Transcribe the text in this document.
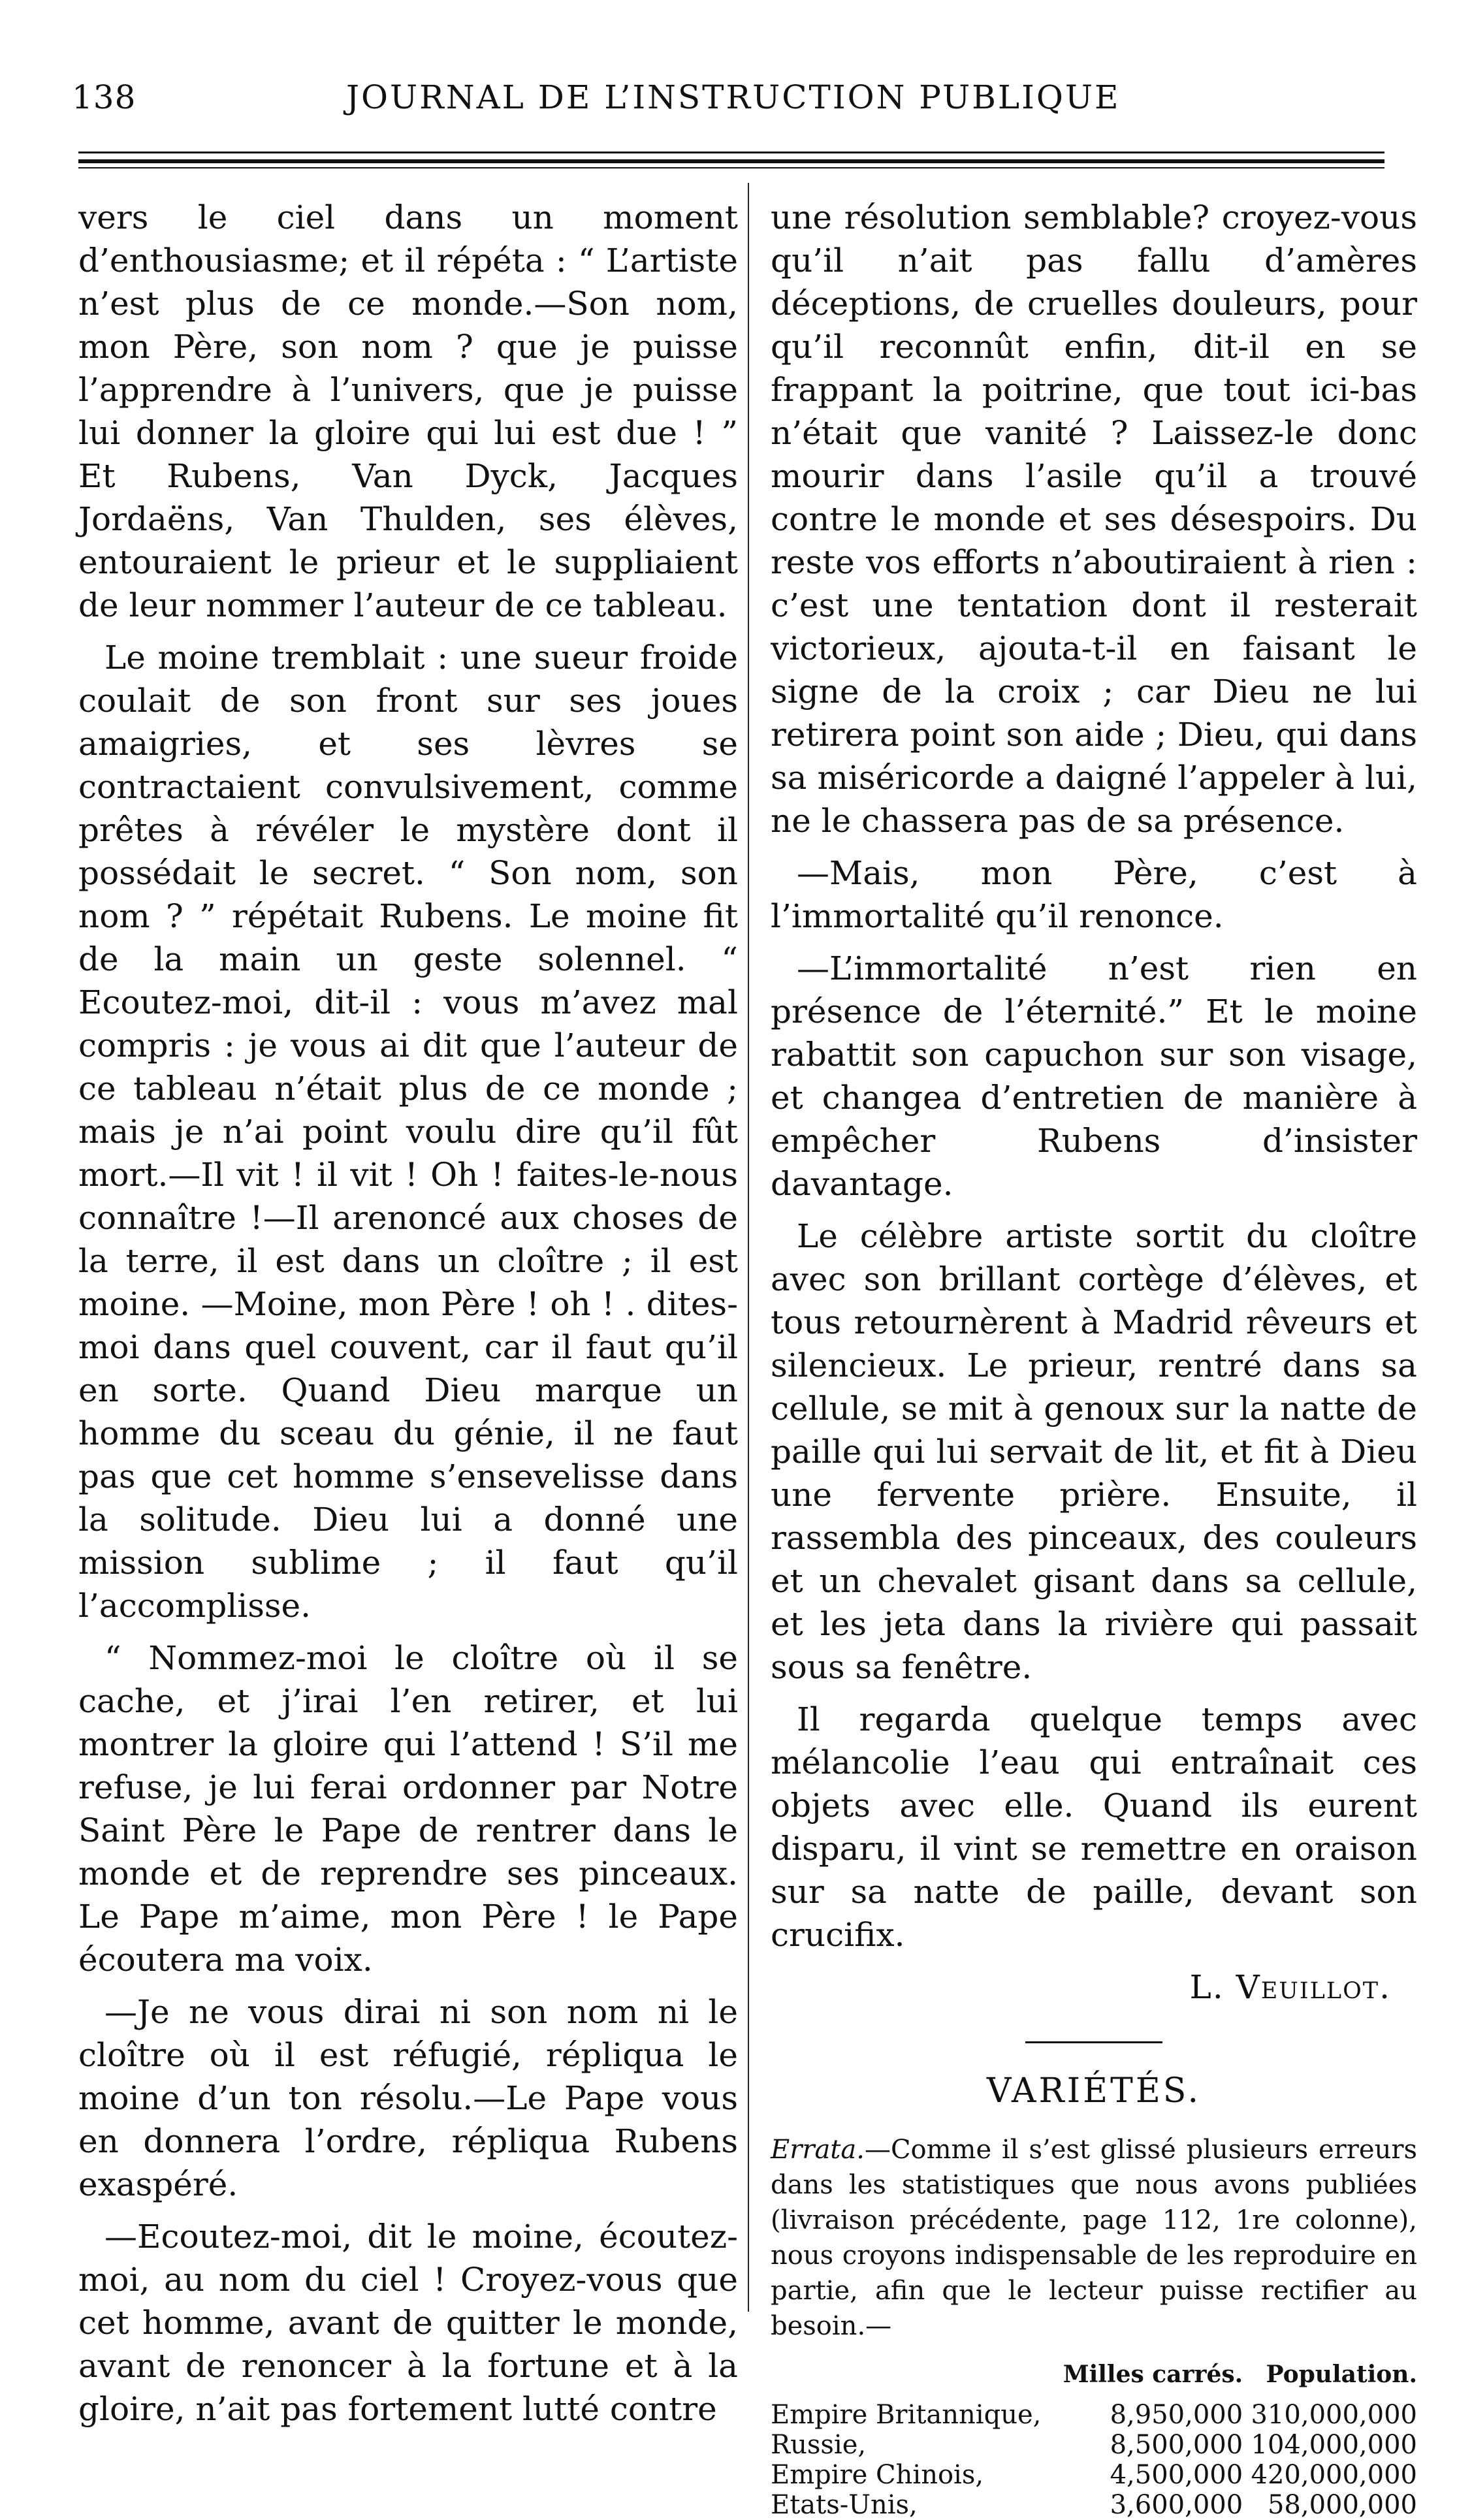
138	JOURNAL DE L’INSTRUCTION PUBLIQUE

vers le ciel dans un moment d’enthousiasme; et il répéta : “ L’artiste n’est plus de ce monde.—Son nom, mon Père, son nom ? que je puisse l’apprendre à l’univers, que je puisse lui donner la gloire qui lui est due ! ” Et Rubens, Van Dyck, Jacques Jordaëns, Van Thulden, ses élèves, entouraient le prieur et le suppliaient de leur nommer l’auteur de ce tableau.

Le moine tremblait : une sueur froide coulait de son front sur ses joues amaigries, et ses lèvres se contractaient convulsivement, comme prêtes à révéler le mystère dont il possédait le secret. “ Son nom, son nom ? ” répétait Rubens. Le moine fit de la main un geste solennel. “ Ecoutez-moi, dit-il : vous m’avez mal compris : je vous ai dit que l’auteur de ce tableau n’était plus de ce monde ; mais je n’ai point voulu dire qu’il fût mort.—Il vit ! il vit ! Oh ! faites-le-nous connaître !—Il arenoncé aux choses de la terre, il est dans un cloître ; il est moine. —Moine, mon Père ! oh ! . dites-moi dans quel couvent, car il faut qu’il en sorte. Quand Dieu marque un homme du sceau du génie, il ne faut pas que cet homme s’ensevelisse dans la solitude. Dieu lui a donné une mission sublime ; il faut qu’il l’accomplisse.

“ Nommez-moi le cloître où il se cache, et j’irai l’en retirer, et lui montrer la gloire qui l’attend ! S’il me refuse, je lui ferai ordonner par Notre Saint Père le Pape de rentrer dans le monde et de reprendre ses pinceaux. Le Pape m’aime, mon Père ! le Pape écoutera ma voix.

—Je ne vous dirai ni son nom ni le cloître où il est réfugié, répliqua le moine d’un ton résolu.—Le Pape vous en donnera l’ordre, répliqua Rubens exaspéré.

—Ecoutez-moi, dit le moine, écoutez-moi, au nom du ciel ! Croyez-vous que cet homme, avant de quitter le monde, avant de renoncer à la fortune et à la gloire, n’ait pas fortement lutté contre

une résolution semblable? croyez-vous qu’il n’ait pas fallu d’amères déceptions, de cruelles douleurs, pour qu’il reconnût enfin, dit-il en se frappant la poitrine, que tout ici-bas n’était que vanité ? Laissez-le donc mourir dans l’asile qu’il a trouvé contre le monde et ses désespoirs. Du reste vos efforts n’aboutiraient à rien : c’est une tentation dont il resterait victorieux, ajouta-t-il en faisant le signe de la croix ; car Dieu ne lui retirera point son aide ; Dieu, qui dans sa miséricorde a daigné l’appeler à lui, ne le chassera pas de sa présence.

—Mais, mon Père, c’est à l’immortalité qu’il renonce.

—L’immortalité n’est rien en présence de l’éternité.” Et le moine rabattit son capuchon sur son visage, et changea d’entretien de manière à empêcher Rubens d’insister davantage.

Le célèbre artiste sortit du cloître avec son brillant cortège d’élèves, et tous retournèrent à Madrid rêveurs et silencieux. Le prieur, rentré dans sa cellule, se mit à genoux sur la natte de paille qui lui servait de lit, et fit à Dieu une fervente prière. Ensuite, il rassembla des pinceaux, des couleurs et un chevalet gisant dans sa cellule, et les jeta dans la rivière qui passait sous sa fenêtre.

Il regarda quelque temps avec mélancolie l’eau qui entraînait ces objets avec elle. Quand ils eurent disparu, il vint se remettre en oraison sur sa natte de paille, devant son crucifix.

L. Veuillot.
VARIÉTÉS.

Errata.—Comme il s’est glissé plusieurs erreurs dans les statistiques que nous avons publiées (livraison précédente, page 112, 1re colonne), nous croyons indispensable de les reproduire en partie, afin que le lecteur puisse rectifier au besoin.—

	Milles carrés.	Population.
Empire Britannique,	8,950,000	310,000,000
Russie,	8,500,000	104,000,000
Empire Chinois,	4,500,000	420,000,000
Etats-Unis,	3,600,000	58,000,000
